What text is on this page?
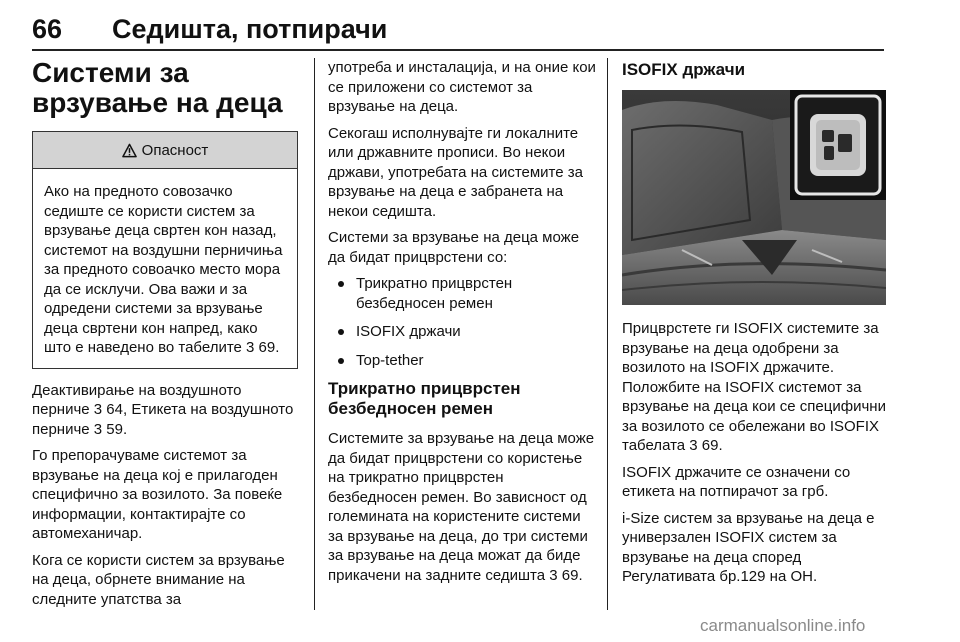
66 Седишта, потпирачи
Системи за врзување на деца
Опасност
Ако на предното совозачко седиште се користи систем за врзување деца свртен кон назад, системот на воздушни перничиња за предното совоачко место мора да се исклучи. Ова важи и за одредени системи за врзување деца свртени кон напред, како што е наведено во табелите 3 69.

Деактивирање на воздушното перниче 3 64, Етикета на воздушното перниче 3 59.

Го препорачуваме системот за врзување на деца кој е прилагоден специфично за возилото. За повеќе информации, контактирајте со автомеханичар.

Кога се користи систем за врзување на деца, обрнете внимание на следните упатства за

употреба и инсталација, и на оние кои се приложени со системот за врзување на деца.

Секогаш исполнувајте ги локалните или државните прописи. Во некои држави, употребата на системите за врзување на деца е забранета на некои седишта.

Системи за врзување на деца може да бидат прицврстени со:

Трикратно прицврстен безбедносен ремен
ISOFIX држачи
Top-tether
Трикратно прицврстен безбедносен ремен

Системите за врзување на деца може да бидат прицврстени со користење на трикратно прицврстен безбедносен ремен. Во зависност од големината на користените системи за врзување на деца, до три системи за врзување на деца можат да биде прикачени на задните седишта 3 69.

ISOFIX држачи

Прицврстете ги ISOFIX системите за врзување на деца одобрени за возилото на ISOFIX држачите. Положбите на ISOFIX системот за врзување на деца кои се специфични за возилото се обележани во ISOFIX табелата 3 69.

ISOFIX држачите се означени со етикета на потпирачот за грб.

i-Size систем за врзување на деца е универзален ISOFIX систем за врзување на деца според Регулативата бр.129 на ОН.

carmanualsonline.info
